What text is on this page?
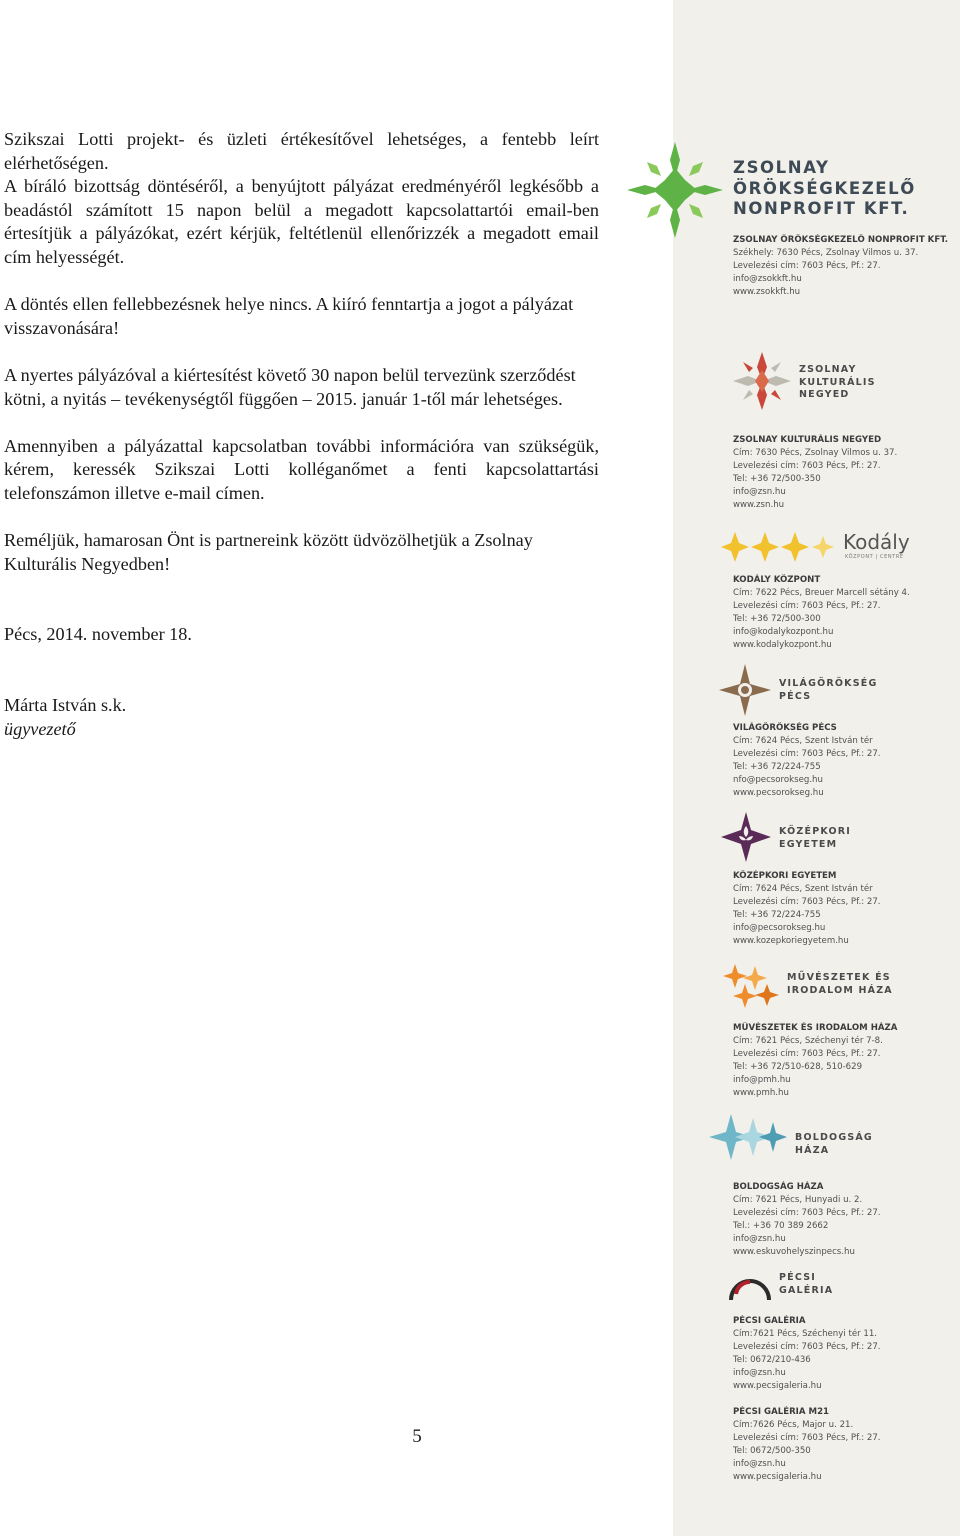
Szikszai Lotti projekt- és üzleti értékesítővel lehetséges, a fentebb leírt elérhetőségen.

A bíráló bizottság döntéséről, a benyújtott pályázat eredményéről legkésőbb a beadástól számított 15 napon belül a megadott kapcsolattartói email-ben értesítjük a pályázókat, ezért kérjük, feltétlenül ellenőrizzék a megadott email cím helyességét.

A döntés ellen fellebbezésnek helye nincs. A kiíró fenntartja a jogot a pályázat visszavonására!

A nyertes pályázóval a kiértesítést követő 30 napon belül tervezünk szerződést kötni, a nyitás – tevékenységtől függően – 2015. január 1-től már lehetséges.

Amennyiben a pályázattal kapcsolatban további információra van szükségük, kérem, keressék Szikszai Lotti kolléganőmet a fenti kapcsolattartási telefonszámon illetve e-mail címen.

Reméljük, hamarosan Önt is partnereink között üdvözölhetjük a Zsolnay Kulturális Negyedben!

Pécs, 2014. november 18.

Márta István s.k.

ügyvezető

5
ZSOLNAY
ÖRÖKSÉGKEZELŐ
NONPROFIT KFT.
ZSOLNAY ÖRÖKSÉGKEZELŐ NONPROFIT KFT.
Székhely: 7630 Pécs, Zsolnay Vilmos u. 37.
Levelezési cím: 7603 Pécs, Pf.: 27.
info@zsokkft.hu
www.zsokkft.hu
ZSOLNAY
KULTURÁLIS
NEGYED
ZSOLNAY KULTURÁLIS NEGYED
Cím: 7630 Pécs, Zsolnay Vilmos u. 37.
Levelezési cím: 7603 Pécs, Pf.: 27.
Tel: +36 72/500-350
info@zsn.hu
www.zsn.hu
Kodály
KÖZPONT | CENTRE
KODÁLY KÖZPONT
Cím: 7622 Pécs, Breuer Marcell sétány 4.
Levelezési cím: 7603 Pécs, Pf.: 27.
Tel: +36 72/500-300
info@kodalykozpont.hu
www.kodalykozpont.hu
VILÁGÖRÖKSÉG
PÉCS
VILÁGÖRÖKSÉG PÉCS
Cím: 7624 Pécs, Szent István tér
Levelezési cím: 7603 Pécs, Pf.: 27.
Tel: +36 72/224-755
nfo@pecsorokseg.hu
www.pecsorokseg.hu
KÖZÉPKORI
EGYETEM
KÖZÉPKORI EGYETEM
Cím: 7624 Pécs, Szent István tér
Levelezési cím: 7603 Pécs, Pf.: 27.
Tel: +36 72/224-755
info@pecsorokseg.hu
www.kozepkoriegyetem.hu
MŰVÉSZETEK ÉS
IRODALOM HÁZA
MŰVÉSZETEK ÉS IRODALOM HÁZA
Cím: 7621 Pécs, Széchenyi tér 7-8.
Levelezési cím: 7603 Pécs, Pf.: 27.
Tel: +36 72/510-628, 510-629
info@pmh.hu
www.pmh.hu
BOLDOGSÁG
HÁZA
BOLDOGSÁG HÁZA
Cím: 7621 Pécs, Hunyadi u. 2.
Levelezési cím: 7603 Pécs, Pf.: 27.
Tel.: +36 70 389 2662
info@zsn.hu
www.eskuvohelyszinpecs.hu
PÉCSI
GALÉRIA
PÉCSI GALÉRIA
Cím:7621 Pécs, Széchenyi tér 11.
Levelezési cím: 7603 Pécs, Pf.: 27.
Tel: 0672/210-436
info@zsn.hu
www.pecsigaleria.hu
PÉCSI GALÉRIA M21
Cím:7626 Pécs, Major u. 21.
Levelezési cím: 7603 Pécs, Pf.: 27.
Tel: 0672/500-350
info@zsn.hu
www.pecsigaleria.hu
